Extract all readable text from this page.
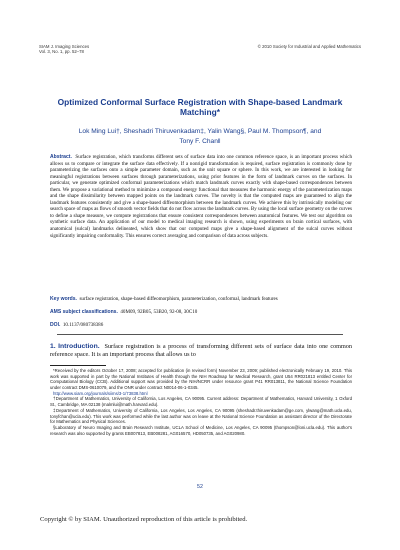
SIAM J. Imaging Sciences
Vol. 3, No. 1, pp. 52–78
© 2010 Society for Industrial and Applied Mathematics
Optimized Conformal Surface Registration with Shape-based Landmark Matching*
Lok Ming Lui†, Sheshadri Thiruvenkadam‡, Yalin Wang§, Paul M. Thompson¶, and
Tony F. Chan‖
Abstract. Surface registration, which transforms different sets of surface data into one common reference space, is an important process which allows us to compare or integrate the surface data effectively. If a nonrigid transformation is required, surface registration is commonly done by parameterizing the surfaces onto a simple parameter domain, such as the unit square or sphere. In this work, we are interested in looking for meaningful registrations between surfaces through parameterizations, using prior features in the form of landmark curves on the surfaces. In particular, we generate optimized conformal parameterizations which match landmark curves exactly with shape-based correspondences between them. We propose a variational method to minimize a compound energy functional that measures the harmonic energy of the parameterization maps and the shape dissimilarity between mapped points on the landmark curves. The novelty is that the computed maps are guaranteed to align the landmark features consistently and give a shape-based diffeomorphism between the landmark curves. We achieve this by intrinsically modeling our search space of maps as flows of smooth vector fields that do not flow across the landmark curves. By using the local surface geometry on the curves to define a shape measure, we compute registrations that ensure consistent correspondences between anatomical features. We test our algorithm on synthetic surface data. An application of our model to medical imaging research is shown, using experiments on brain cortical surfaces, with anatomical (sulcal) landmarks delineated, which show that our computed maps give a shape-based alignment of the sulcal curves without significantly impairing conformality. This ensures correct averaging and comparison of data across subjects.
Key words. surface registration, shape-based diffeomorphism, parameterization, conformal, landmark features
AMS subject classifications. 40M09, 92B05, 53B20, 92-08, 30C10
DOI. 10.1137/080738386
1. Introduction. Surface registration is a process of transforming different sets of surface data into one common reference space. It is an important process that allows us to

*Received by the editors October 17, 2008; accepted for publication (in revised form) November 23, 2009; published electronically February 19, 2010. This work was supported in part by the National Institutes of Health through the NIH Roadmap for Medical Research, grant U54 RR021813 entitled Center for Computational Biology (CCB). Additional support was provided by the NIH/NCRR under resource grant P41 RR013811, the National Science Foundation under contract DMS-0610079, and the ONR under contract N0014-06-1-0345.

http://www.siam.org/journals/siims/3-1/73838.html

†Department of Mathematics, University of California, Los Angeles, CA 90095. Current address: Department of Mathematics, Harvard University, 1 Oxford St., Cambridge, MA 02138 (malmlui@math.harvard.edu).

‡Department of Mathematics, University of California, Los Angeles, Los Angeles, CA 90095 (sheshadr.thiruvenkadam@ge.com, ylwang@math.ucla.edu, tonyfchan@ucla.edu). This work was performed while the last author was on leave at the National Science Foundation as assistant director of the Directorate for Mathematics and Physical Sciences.

§Laboratory of Neuro Imaging and Brain Research Institute, UCLA School of Medicine, Los Angeles, CA 90095 (thompson@loni.ucla.edu). This author's research was also supported by grants EB007813, EB008281, AG016570, HD050735, and AG020980.

52
Copyright © by SIAM. Unauthorized reproduction of this article is prohibited.
